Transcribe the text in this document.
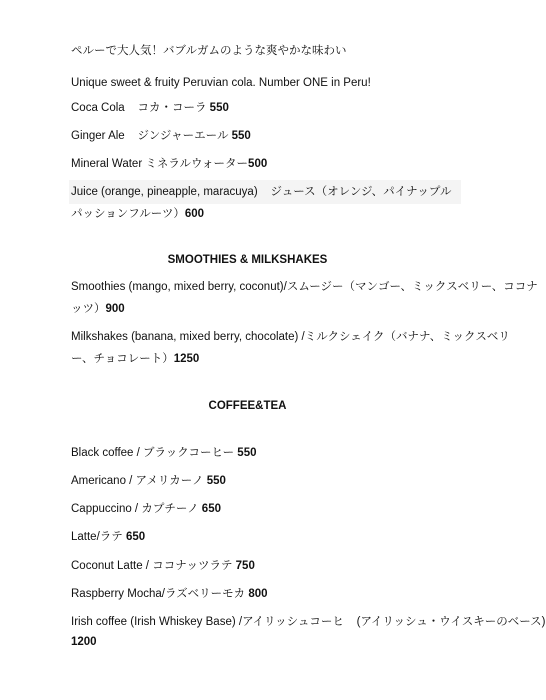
ペルーで大人気！バブルガムのような爽やかな味わい
Unique sweet & fruity Peruvian cola. Number ONE in Peru!
Coca Cola    コカ・コーラ 550
Ginger Ale    ジンジャーエール 550
Mineral Water ミネラルウォーター500
Juice (orange, pineapple, maracuya)    ジュース（オレンジ、パイナップル
パッションフルーツ）600
SMOOTHIES & MILKSHAKES
Smoothies (mango, mixed berry, coconut)/スムージー（マンゴー、ミックスベリー、ココナ
ッツ）900
Milkshakes (banana, mixed berry, chocolate) /ミルクシェイク（バナナ、ミックスベリ
ー、チョコレート）1250
COFFEE&TEA
Black coffee / ブラックコーヒー 550
Americano / アメリカーノ 550
Cappuccino / カプチーノ 650
Latte/ラテ 650
Coconut Latte / ココナッツラテ 750
Raspberry Mocha/ラズベリーモカ 800
Irish coffee (Irish Whiskey Base) /アイリッシュコーヒ    (アイリッシュ・ウイスキーのベース)
1200
